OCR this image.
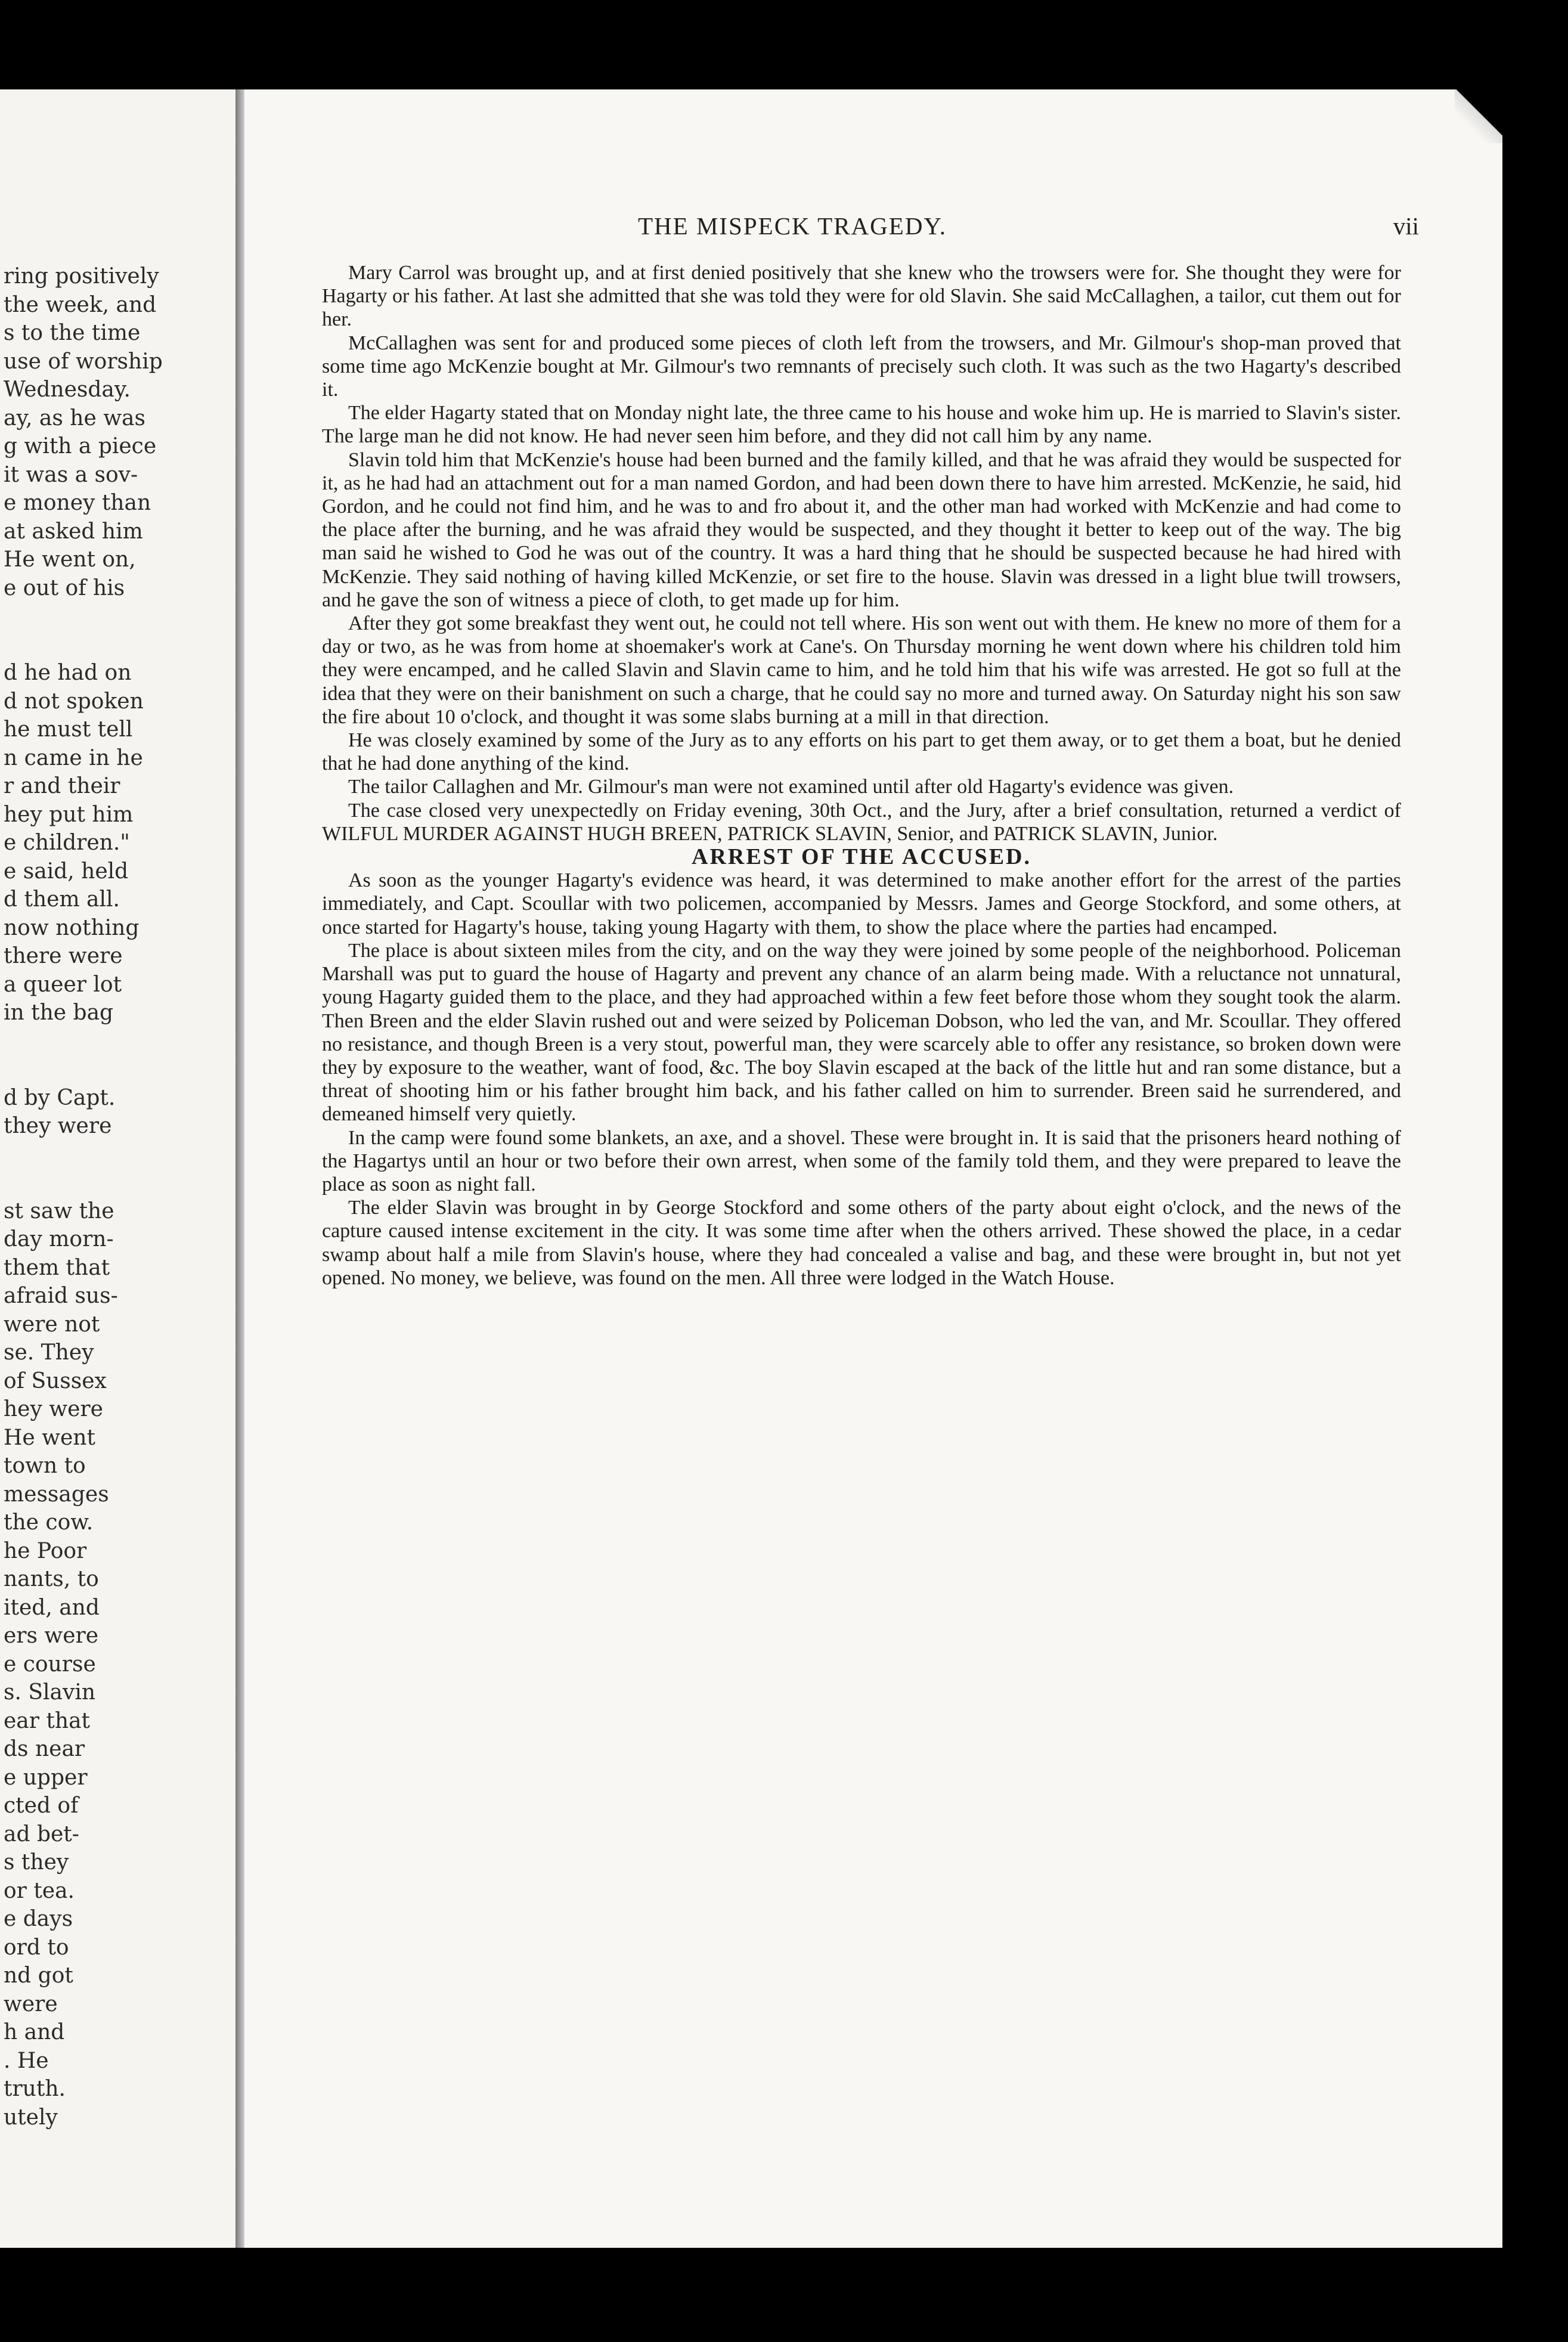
ring positively
the week, and
s to the time
use of worship
Wednesday.
ay, as he was
g with a piece
it was a sov-
e money than
at asked him
He went on,
e out of his
d he had on
d not spoken
he must tell
n came in he
r and their
hey put him
e children."
e said, held
d them all.
now nothing
there were
a queer lot
in the bag
d by Capt.
they were
st saw the
day morn-
them that
afraid sus-
were not
se. They
of Sussex
hey were
He went
town to
messages
the cow.
he Poor
nants, to
ited, and
ers were
e course
s. Slavin
ear that
ds near
e upper
cted of
ad bet-
s they
or tea.
e days
ord to
nd got
were
h and
. He
truth.
utely
THE MISPECK TRAGEDY.	vii

Mary Carrol was brought up, and at first denied positively that she knew who the trowsers were for. She thought they were for Hagarty or his father. At last she admitted that she was told they were for old Slavin. She said McCallaghen, a tailor, cut them out for her.

McCallaghen was sent for and produced some pieces of cloth left from the trowsers, and Mr. Gilmour's shop-man proved that some time ago McKenzie bought at Mr. Gilmour's two remnants of precisely such cloth. It was such as the two Hagarty's described it.

The elder Hagarty stated that on Monday night late, the three came to his house and woke him up. He is married to Slavin's sister. The large man he did not know. He had never seen him before, and they did not call him by any name.

Slavin told him that McKenzie's house had been burned and the family killed, and that he was afraid they would be suspected for it, as he had had an attachment out for a man named Gordon, and had been down there to have him arrested. McKenzie, he said, hid Gordon, and he could not find him, and he was to and fro about it, and the other man had worked with McKenzie and had come to the place after the burning, and he was afraid they would be suspected, and they thought it better to keep out of the way. The big man said he wished to God he was out of the country. It was a hard thing that he should be suspected because he had hired with McKenzie. They said nothing of having killed McKenzie, or set fire to the house. Slavin was dressed in a light blue twill trowsers, and he gave the son of witness a piece of cloth, to get made up for him.

After they got some breakfast they went out, he could not tell where. His son went out with them. He knew no more of them for a day or two, as he was from home at shoemaker's work at Cane's. On Thursday morning he went down where his children told him they were encamped, and he called Slavin and Slavin came to him, and he told him that his wife was arrested. He got so full at the idea that they were on their banishment on such a charge, that he could say no more and turned away. On Saturday night his son saw the fire about 10 o'clock, and thought it was some slabs burning at a mill in that direction.

He was closely examined by some of the Jury as to any efforts on his part to get them away, or to get them a boat, but he denied that he had done anything of the kind.

The tailor Callaghen and Mr. Gilmour's man were not examined until after old Hagarty's evidence was given.

The case closed very unexpectedly on Friday evening, 30th Oct., and the Jury, after a brief consultation, returned a verdict of WILFUL MURDER AGAINST HUGH BREEN, PATRICK SLAVIN, Senior, and PATRICK SLAVIN, Junior.

ARREST OF THE ACCUSED.

As soon as the younger Hagarty's evidence was heard, it was determined to make another effort for the arrest of the parties immediately, and Capt. Scoullar with two policemen, accompanied by Messrs. James and George Stockford, and some others, at once started for Hagarty's house, taking young Hagarty with them, to show the place where the parties had encamped.

The place is about sixteen miles from the city, and on the way they were joined by some people of the neighborhood. Policeman Marshall was put to guard the house of Hagarty and prevent any chance of an alarm being made. With a reluctance not unnatural, young Hagarty guided them to the place, and they had approached within a few feet before those whom they sought took the alarm. Then Breen and the elder Slavin rushed out and were seized by Policeman Dobson, who led the van, and Mr. Scoullar. They offered no resistance, and though Breen is a very stout, powerful man, they were scarcely able to offer any resistance, so broken down were they by exposure to the weather, want of food, &c. The boy Slavin escaped at the back of the little hut and ran some distance, but a threat of shooting him or his father brought him back, and his father called on him to surrender. Breen said he surrendered, and demeaned himself very quietly.

In the camp were found some blankets, an axe, and a shovel. These were brought in. It is said that the prisoners heard nothing of the Hagartys until an hour or two before their own arrest, when some of the family told them, and they were prepared to leave the place as soon as night fall.

The elder Slavin was brought in by George Stockford and some others of the party about eight o'clock, and the news of the capture caused intense excitement in the city. It was some time after when the others arrived. These showed the place, in a cedar swamp about half a mile from Slavin's house, where they had concealed a valise and bag, and these were brought in, but not yet opened. No money, we believe, was found on the men. All three were lodged in the Watch House.
